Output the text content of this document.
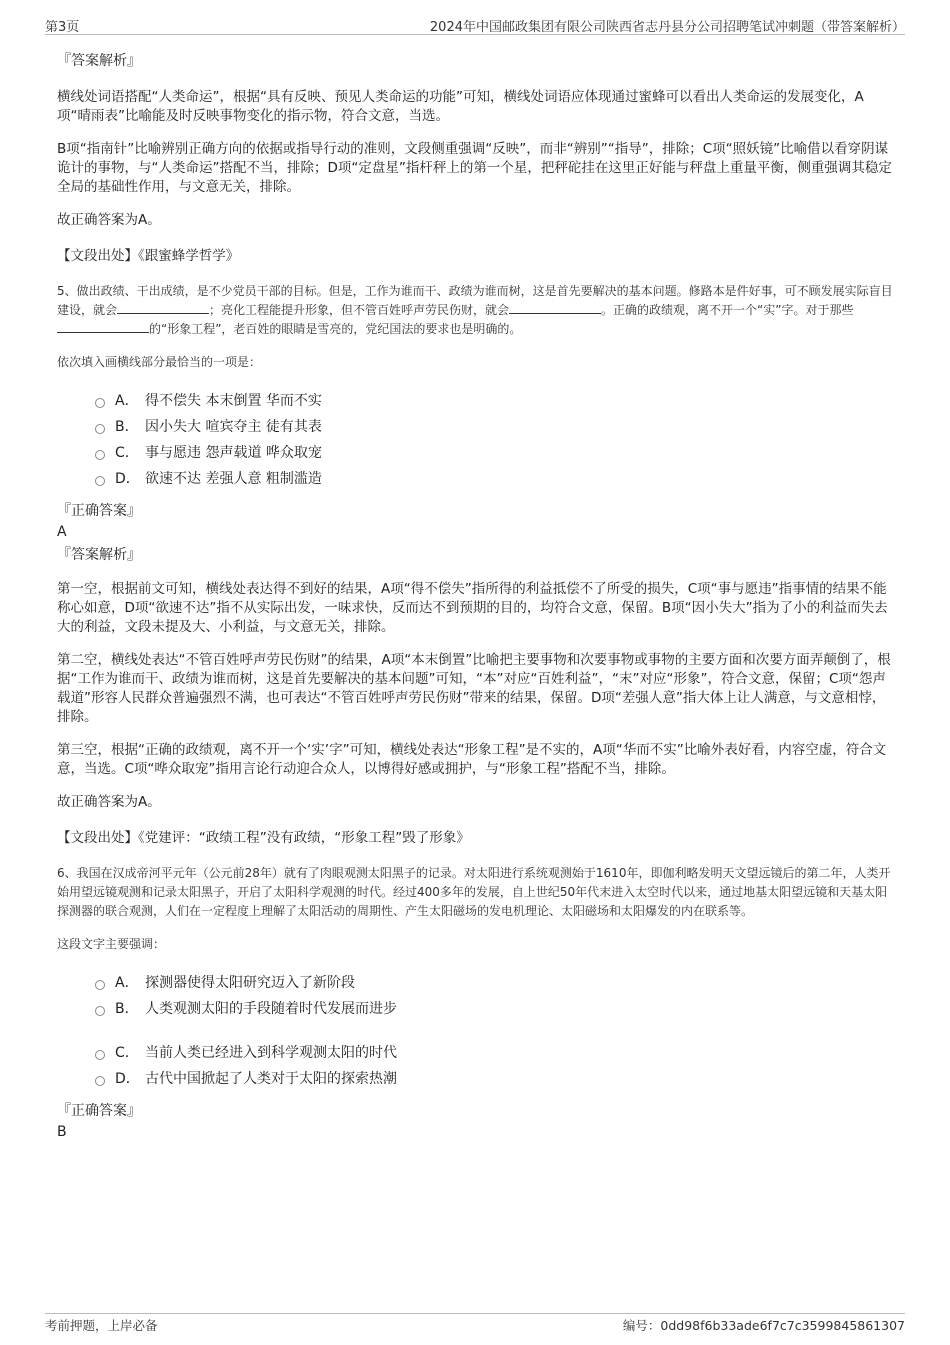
第3页	2024年中国邮政集团有限公司陕西省志丹县分公司招聘笔试冲刺题（带答案解析）
『答案解析』

横线处词语搭配“人类命运”，根据“具有反映、预见人类命运的功能”可知，横线处词语应体现通过蜜蜂可以看出人类命运的发展变化，A项“晴雨表”比喻能及时反映事物变化的指示物，符合文意，当选。

B项“指南针”比喻辨别正确方向的依据或指导行动的准则，文段侧重强调“反映”，而非“辨别”“指导”，排除；C项“照妖镜”比喻借以看穿阴谋诡计的事物，与“人类命运”搭配不当，排除；D项“定盘星”指杆秤上的第一个星，把秤砣挂在这里正好能与秤盘上重量平衡，侧重强调其稳定全局的基础性作用，与文意无关，排除。

故正确答案为A。

【文段出处】《跟蜜蜂学哲学》

5、做出政绩、干出成绩，是不少党员干部的目标。但是，工作为谁而干、政绩为谁而树，这是首先要解决的基本问题。修路本是件好事，可不顾发展实际盲目建设，就会	；亮化工程能提升形象，但不管百姓呼声劳民伤财，就会	。正确的政绩观，离不开一个“实”字。对于那些的“形象工程”，老百姓的眼睛是雪亮的，党纪国法的要求也是明确的。

依次填入画横线部分最恰当的一项是：

A． 得不偿失 本末倒置 华而不实
B． 因小失大 喧宾夺主 徒有其表
C． 事与愿违 怨声载道 哗众取宠
D． 欲速不达 差强人意 粗制滥造
『正确答案』
A
『答案解析』

第一空，根据前文可知，横线处表达得不到好的结果，A项“得不偿失”指所得的利益抵偿不了所受的损失，C项“事与愿违”指事情的结果不能称心如意，D项“欲速不达”指不从实际出发，一味求快，反而达不到预期的目的，均符合文意，保留。B项“因小失大”指为了小的利益而失去大的利益，文段未提及大、小利益，与文意无关，排除。

第二空，横线处表达“不管百姓呼声劳民伤财”的结果，A项“本末倒置”比喻把主要事物和次要事物或事物的主要方面和次要方面弄颠倒了，根据“工作为谁而干、政绩为谁而树，这是首先要解决的基本问题”可知，“本”对应“百姓利益”，“末”对应“形象”，符合文意，保留；C项“怨声载道”形容人民群众普遍强烈不满，也可表达“不管百姓呼声劳民伤财”带来的结果，保留。D项“差强人意”指大体上让人满意，与文意相悖，排除。

第三空，根据“正确的政绩观，离不开一个‘实’字”可知，横线处表达“形象工程”是不实的，A项“华而不实”比喻外表好看，内容空虚，符合文意，当选。C项“哗众取宠”指用言论行动迎合众人，以博得好感或拥护，与“形象工程”搭配不当，排除。

故正确答案为A。

【文段出处】《党建评：“政绩工程”没有政绩，“形象工程”毁了形象》

6、我国在汉成帝河平元年（公元前28年）就有了肉眼观测太阳黑子的记录。对太阳进行系统观测始于1610年，即伽利略发明天文望远镜后的第二年，人类开始用望远镜观测和记录太阳黑子，开启了太阳科学观测的时代。经过400多年的发展，自上世纪50年代末进入太空时代以来，通过地基太阳望远镜和天基太阳探测器的联合观测，人们在一定程度上理解了太阳活动的周期性、产生太阳磁场的发电机理论、太阳磁场和太阳爆发的内在联系等。

这段文字主要强调：

A． 探测器使得太阳研究迈入了新阶段
B． 人类观测太阳的手段随着时代发展而进步
C． 当前人类已经进入到科学观测太阳的时代
D． 古代中国掀起了人类对于太阳的探索热潮
『正确答案』
B
考前押题，上岸必备	编号：0dd98f6b33ade6f7c7c3599845861307
